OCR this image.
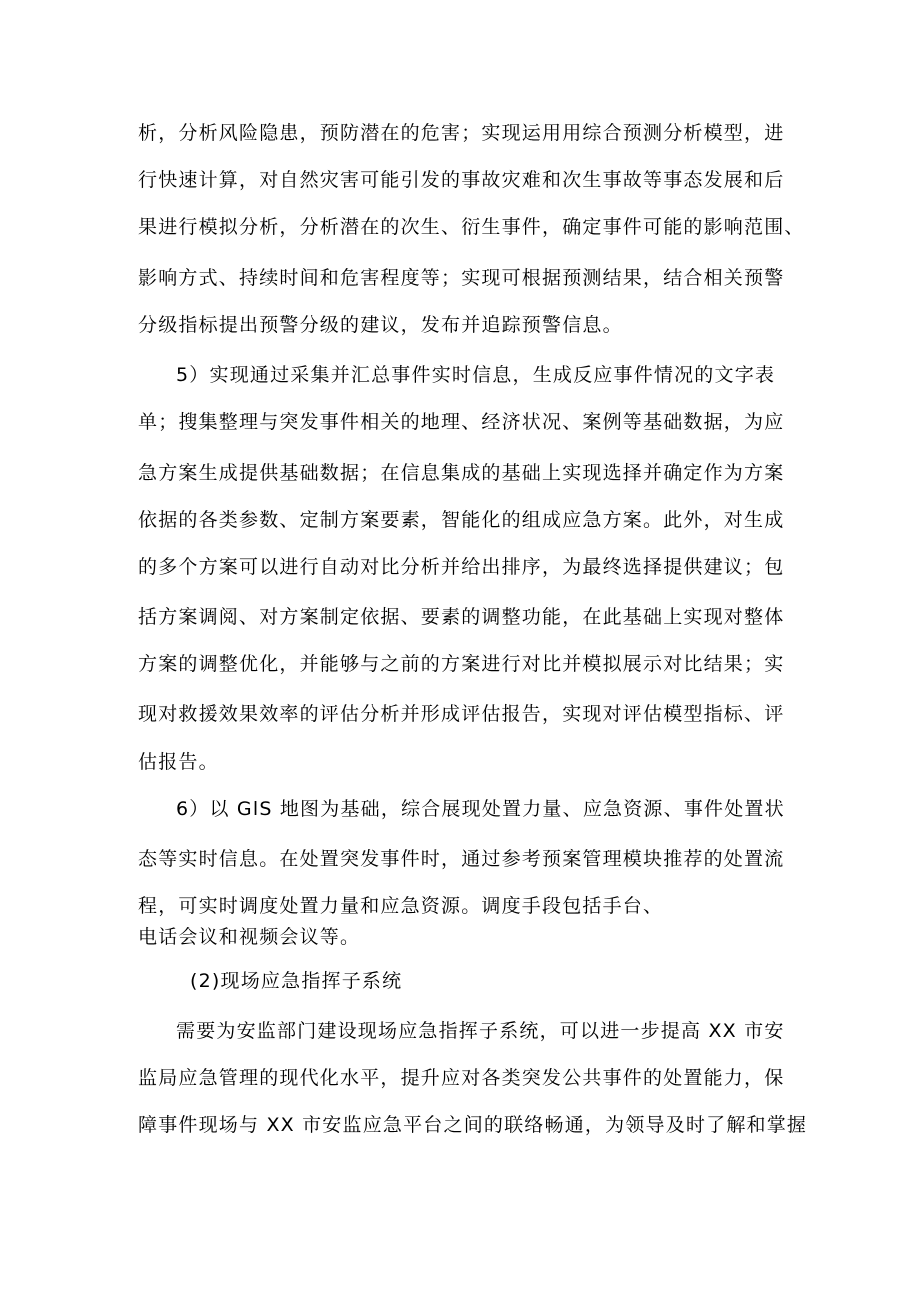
析，分析风险隐患，预防潜在的危害；实现运用用综合预测分析模型，进
行快速计算，对自然灾害可能引发的事故灾难和次生事故等事态发展和后
果进行模拟分析，分析潜在的次生、衍生事件，确定事件可能的影响范围、
影响方式、持续时间和危害程度等；实现可根据预测结果，结合相关预警
分级指标提出预警分级的建议，发布并追踪预警信息。
5）实现通过采集并汇总事件实时信息，生成反应事件情况的文字表
单；搜集整理与突发事件相关的地理、经济状况、案例等基础数据，为应
急方案生成提供基础数据；在信息集成的基础上实现选择并确定作为方案
依据的各类参数、定制方案要素，智能化的组成应急方案。此外，对生成
的多个方案可以进行自动对比分析并给出排序，为最终选择提供建议；包
括方案调阅、对方案制定依据、要素的调整功能，在此基础上实现对整体
方案的调整优化，并能够与之前的方案进行对比并模拟展示对比结果；实
现对救援效果效率的评估分析并形成评估报告，实现对评估模型指标、评
估报告。
6）以 GlS 地图为基础，综合展现处置力量、应急资源、事件处置状
态等实时信息。在处置突发事件时，通过参考预案管理模块推荐的处置流
程，可实时调度处置力量和应急资源。调度手段包括手台、
电话会议和视频会议等。
(2)现场应急指挥子系统
需要为安监部门建设现场应急指挥子系统，可以进一步提高 XX 市安
监局应急管理的现代化水平，提升应对各类突发公共事件的处置能力，保
障事件现场与 XX 市安监应急平台之间的联络畅通，为领导及时了解和掌握
